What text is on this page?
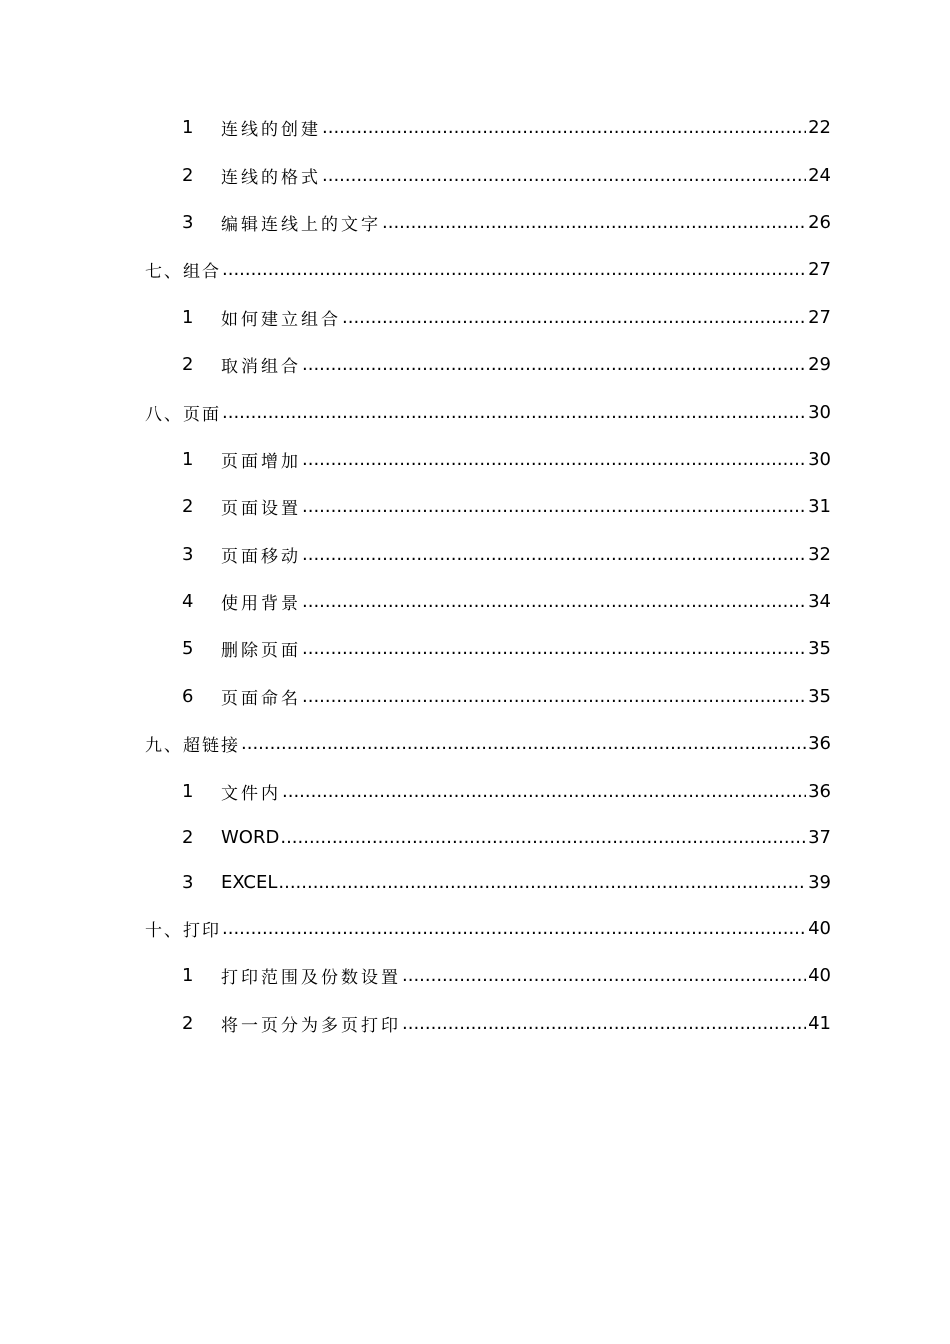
1	连线的创建 .....	22
2	连线的格式 .....	24
3	编辑连线上的文字 .....	26
七、组合 .....	27
1	如何建立组合 .....	27
2	取消组合 .....	29
八、页面 .....	30
1	页面增加 .....	30
2	页面设置 .....	31
3	页面移动 .....	32
4	使用背景 .....	34
5	删除页面 .....	35
6	页面命名 .....	35
九、超链接 .....	36
1	文件内 .....	36
2	WORD .....	37
3	EXCEL .....	39
十、打印 .....	40
1	打印范围及份数设置 .....	40
2	将一页分为多页打印 .....	41
